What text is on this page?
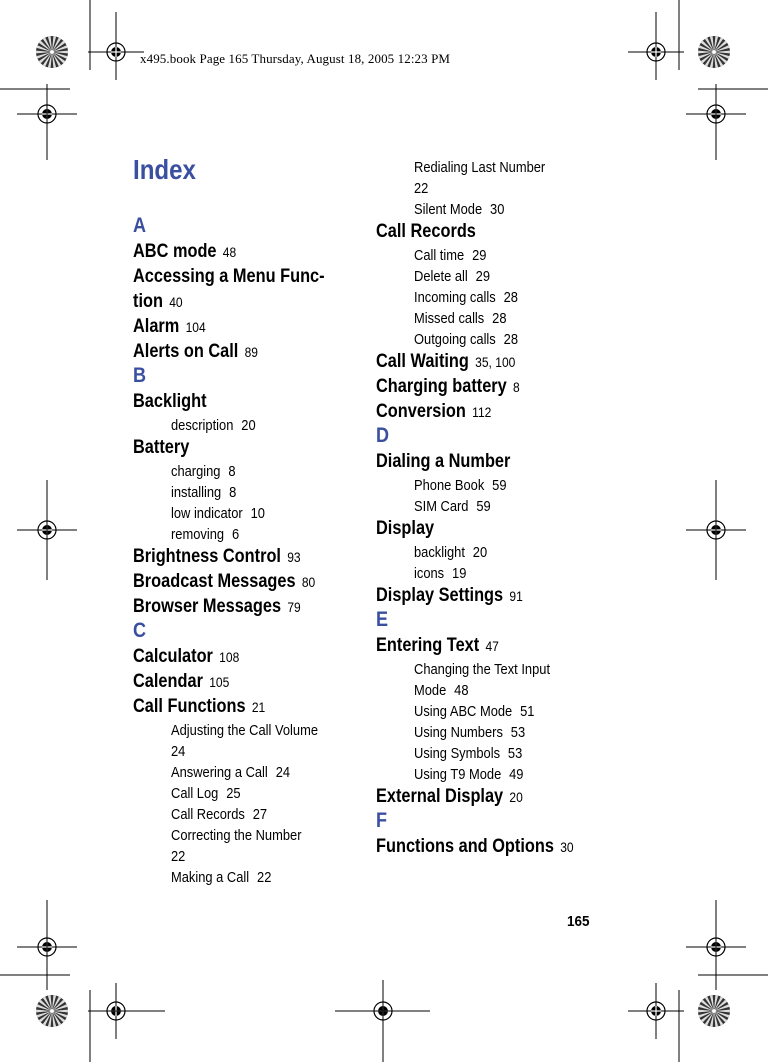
x495.book Page 165 Thursday, August 18, 2005 12:23 PM
Index
A
ABC mode 48
Accessing a Menu Func-
tion 40
Alarm 104
Alerts on Call 89
B
Backlight
description 20
Battery
charging 8
installing 8
low indicator 10
removing 6
Brightness Control 93
Broadcast Messages 80
Browser Messages 79
C
Calculator 108
Calendar 105
Call Functions 21
Adjusting the Call Volume
24
Answering a Call 24
Call Log 25
Call Records 27
Correcting the Number
22
Making a Call 22
Redialing Last Number
22
Silent Mode 30
Call Records
Call time 29
Delete all 29
Incoming calls 28
Missed calls 28
Outgoing calls 28
Call Waiting 35, 100
Charging battery 8
Conversion 112
D
Dialing a Number
Phone Book 59
SIM Card 59
Display
backlight 20
icons 19
Display Settings 91
E
Entering Text 47
Changing the Text Input
Mode 48
Using ABC Mode 51
Using Numbers 53
Using Symbols 53
Using T9 Mode 49
External Display 20
F
Functions and Options 30
165
